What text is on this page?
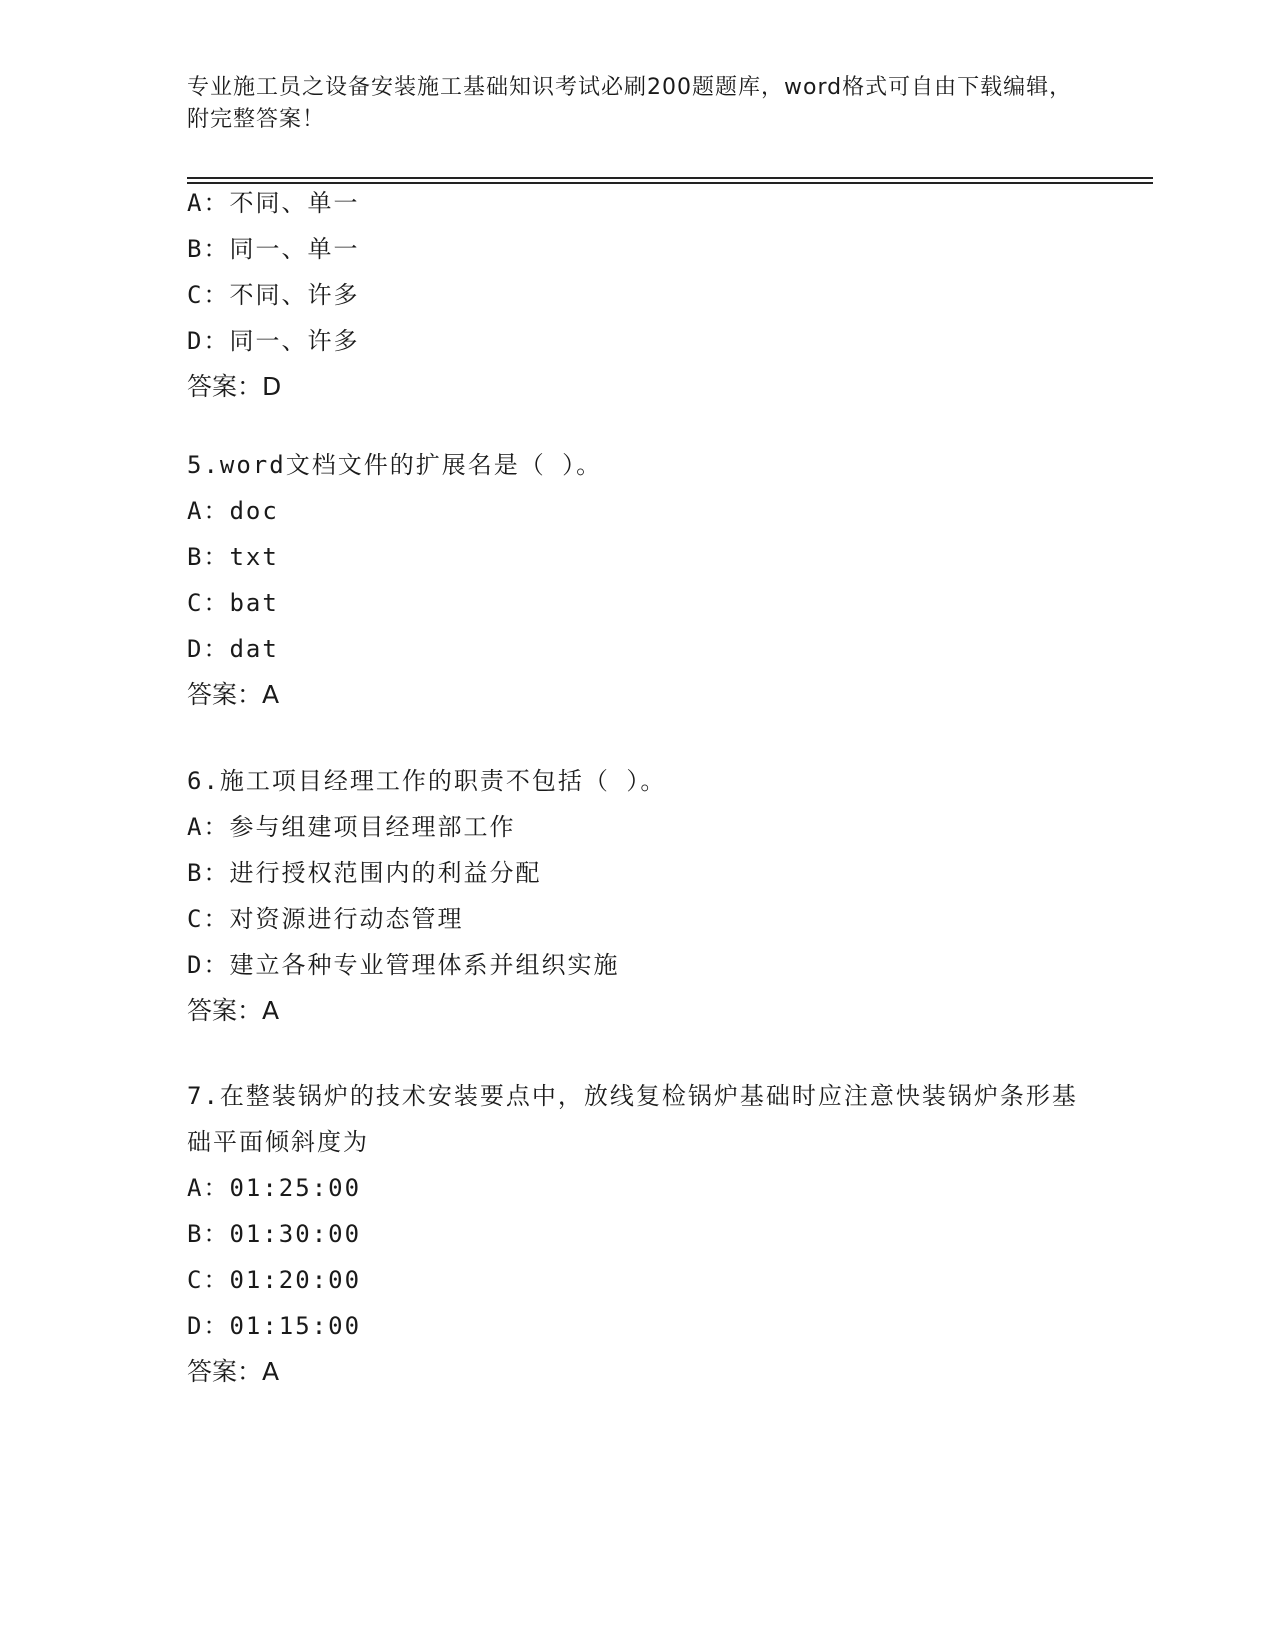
专业施工员之设备安装施工基础知识考试必刷200题题库，word格式可自由下载编辑，附完整答案！
A：不同、单一
B：同一、单一
C：不同、许多
D：同一、许多
答案：D
5.word文档文件的扩展名是（ ）。
A：doc
B：txt
C：bat
D：dat
答案：A
6.施工项目经理工作的职责不包括（ ）。
A：参与组建项目经理部工作
B：进行授权范围内的利益分配
C：对资源进行动态管理
D：建立各种专业管理体系并组织实施
答案：A
7.在整装锅炉的技术安装要点中，放线复检锅炉基础时应注意快装锅炉条形基础平面倾斜度为
A：01:25:00
B：01:30:00
C：01:20:00
D：01:15:00
答案：A
